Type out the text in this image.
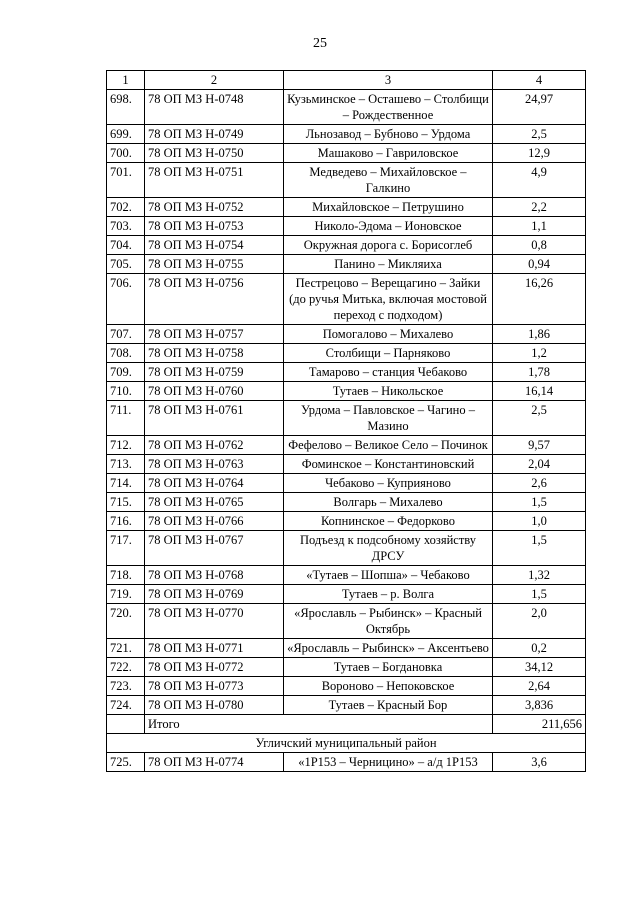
25
1	2	3	4
698.	78 ОП МЗ Н-0748	Кузьминское – Осташево – Столбищи – Рождественное	24,97
699.	78 ОП МЗ Н-0749	Льнозавод – Бубново – Урдома	2,5
700.	78 ОП МЗ Н-0750	Машаково – Гавриловское	12,9
701.	78 ОП МЗ Н-0751	Медведево – Михайловское – Галкино	4,9
702.	78 ОП МЗ Н-0752	Михайловское – Петрушино	2,2
703.	78 ОП МЗ Н-0753	Николо-Эдома – Ионовское	1,1
704.	78 ОП МЗ Н-0754	Окружная дорога с. Борисоглеб	0,8
705.	78 ОП МЗ Н-0755	Панино – Микляиха	0,94
706.	78 ОП МЗ Н-0756	Пестрецово – Верещагино – Зайки (до ручья Митька, включая мостовой переход с подходом)	16,26
707.	78 ОП МЗ Н-0757	Помогалово – Михалево	1,86
708.	78 ОП МЗ Н-0758	Столбищи – Парняково	1,2
709.	78 ОП МЗ Н-0759	Тамарово – станция Чебаково	1,78
710.	78 ОП МЗ Н-0760	Тутаев – Никольское	16,14
711.	78 ОП МЗ Н-0761	Урдома – Павловское – Чагино – Мазино	2,5
712.	78 ОП МЗ Н-0762	Фефелово – Великое Село – Починок	9,57
713.	78 ОП МЗ Н-0763	Фоминское – Константиновский	2,04
714.	78 ОП МЗ Н-0764	Чебаково – Куприяново	2,6
715.	78 ОП МЗ Н-0765	Волгарь – Михалево	1,5
716.	78 ОП МЗ Н-0766	Копнинское – Федорково	1,0
717.	78 ОП МЗ Н-0767	Подъезд к подсобному хозяйству ДРСУ	1,5
718.	78 ОП МЗ Н-0768	«Тутаев – Шопша» – Чебаково	1,32
719.	78 ОП МЗ Н-0769	Тутаев – р. Волга	1,5
720.	78 ОП МЗ Н-0770	«Ярославль – Рыбинск» – Красный Октябрь	2,0
721.	78 ОП МЗ Н-0771	«Ярославль – Рыбинск» – Аксентьево	0,2
722.	78 ОП МЗ Н-0772	Тутаев – Богдановка	34,12
723.	78 ОП МЗ Н-0773	Вороново – Непоковское	2,64
724.	78 ОП МЗ Н-0780	Тутаев – Красный Бор	3,836
	Итого		211,656
Угличский муниципальный район			
725.	78 ОП МЗ Н-0774	«1Р153 – Черницино» – а/д 1Р153	3,6
